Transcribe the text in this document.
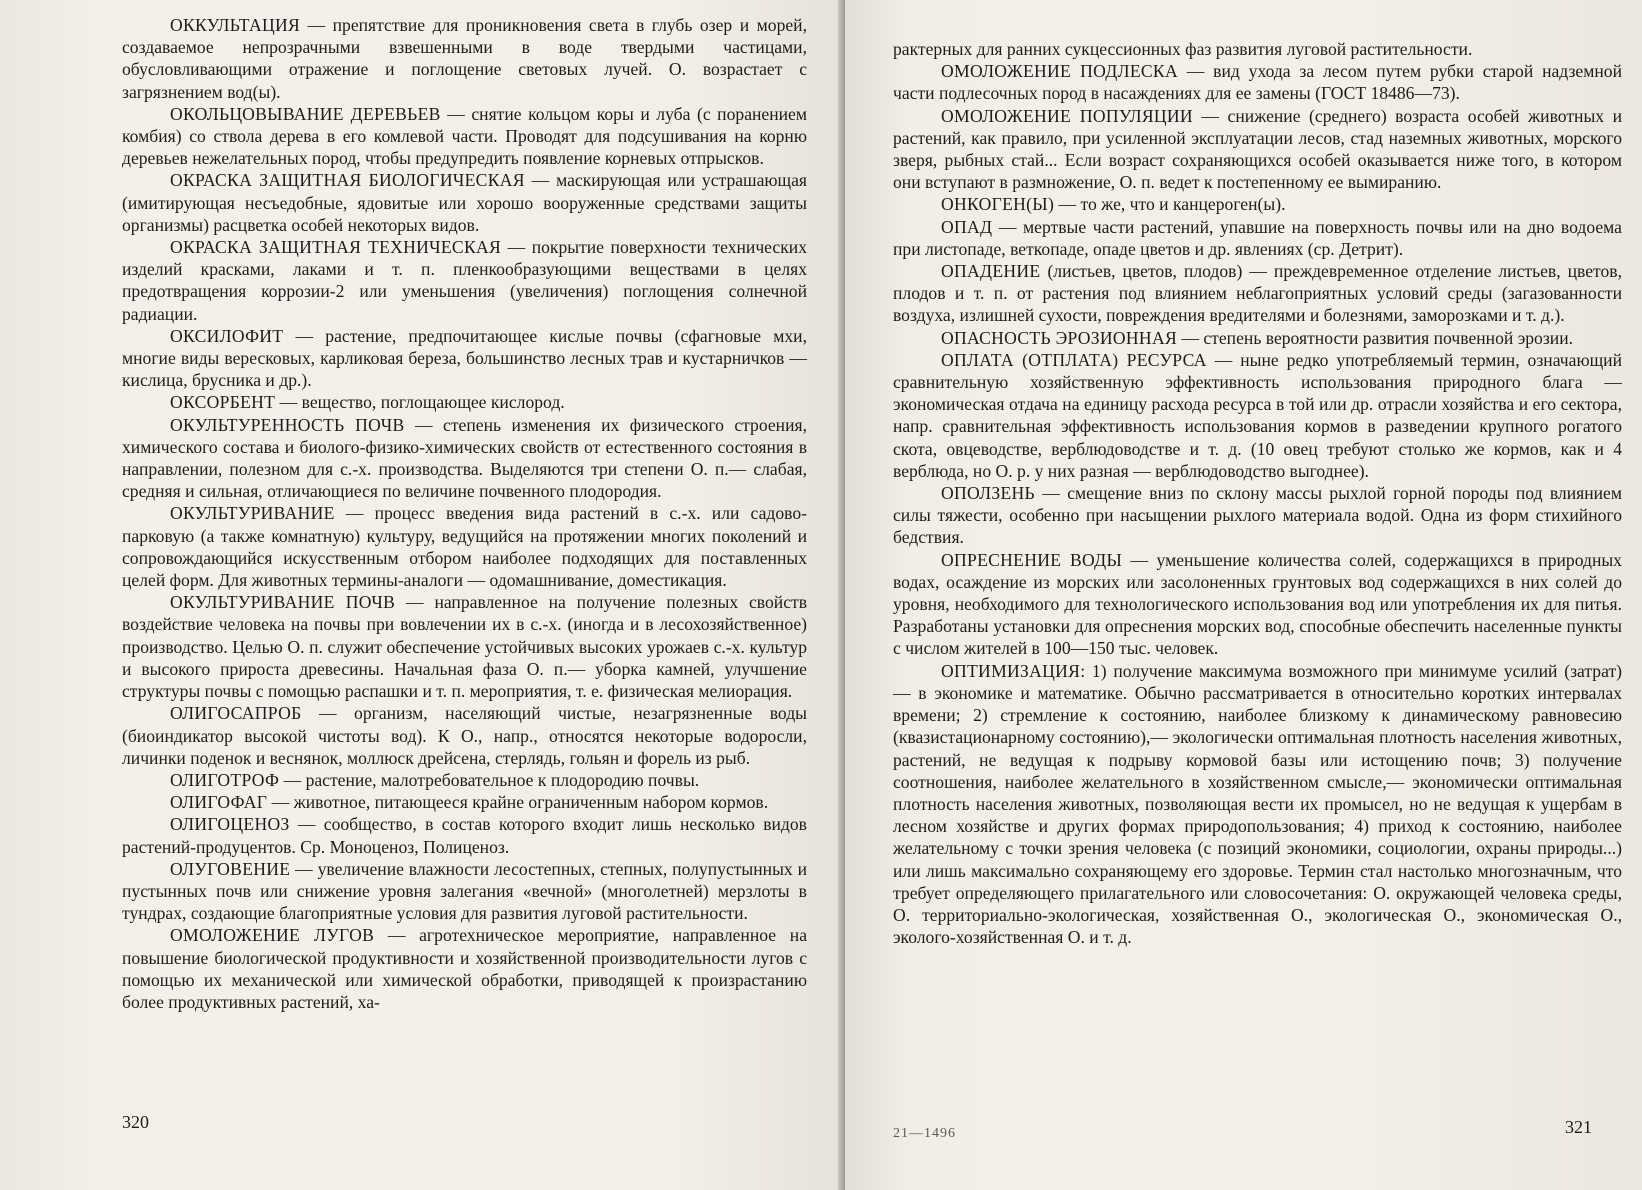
ОККУЛЬТАЦИЯ — препятствие для проникновения света в глубь озер и морей, создаваемое непрозрачными взвешенными в воде твердыми частицами, обусловливающими отражение и поглощение световых лучей. О. возрастает с загрязнением вод(ы).

ОКОЛЬЦОВЫВАНИЕ ДЕРЕВЬЕВ — снятие кольцом коры и луба (с поранением комбия) со ствола дерева в его комлевой части. Проводят для подсушивания на корню деревьев нежелательных пород, чтобы предупредить появление корневых отпрысков.

ОКРАСКА ЗАЩИТНАЯ БИОЛОГИЧЕСКАЯ — маскирующая или устрашающая (имитирующая несъедобные, ядовитые или хорошо вооруженные средствами защиты организмы) расцветка особей некоторых видов.

ОКРАСКА ЗАЩИТНАЯ ТЕХНИЧЕСКАЯ — покрытие поверхности технических изделий красками, лаками и т. п. пленкообразующими веществами в целях предотвращения коррозии-2 или уменьшения (увеличения) поглощения солнечной радиации.

ОКСИЛОФИТ — растение, предпочитающее кислые почвы (сфагновые мхи, многие виды вересковых, карликовая береза, большинство лесных трав и кустарничков — кислица, брусника и др.).

ОКСОРБЕНТ — вещество, поглощающее кислород.

ОКУЛЬТУРЕННОСТЬ ПОЧВ — степень изменения их физического строения, химического состава и биолого-физико-химических свойств от естественного состояния в направлении, полезном для с.-х. производства. Выделяются три степени О. п.— слабая, средняя и сильная, отличающиеся по величине почвенного плодородия.

ОКУЛЬТУРИВАНИЕ — процесс введения вида растений в с.-х. или садово-парковую (а также комнатную) культуру, ведущийся на протяжении многих поколений и сопровождающийся искусственным отбором наиболее подходящих для поставленных целей форм. Для животных термины-аналоги — одомашнивание, доместикация.

ОКУЛЬТУРИВАНИЕ ПОЧВ — направленное на получение полезных свойств воздействие человека на почвы при вовлечении их в с.-х. (иногда и в лесохозяйственное) производство. Целью О. п. служит обеспечение устойчивых высоких урожаев с.-х. культур и высокого прироста древесины. Начальная фаза О. п.— уборка камней, улучшение структуры почвы с помощью распашки и т. п. мероприятия, т. е. физическая мелиорация.

ОЛИГОСАПРОБ — организм, населяющий чистые, незагрязненные воды (биоиндикатор высокой чистоты вод). К О., напр., относятся некоторые водоросли, личинки поденок и веснянок, моллюск дрейсена, стерлядь, гольян и форель из рыб.

ОЛИГОТРОФ — растение, малотребовательное к плодородию почвы.

ОЛИГОФАГ — животное, питающееся крайне ограниченным набором кормов.

ОЛИГОЦЕНОЗ — сообщество, в состав которого входит лишь несколько видов растений-продуцентов. Ср. Моноценоз, Полиценоз.

ОЛУГОВЕНИЕ — увеличение влажности лесостепных, степных, полупустынных и пустынных почв или снижение уровня залегания «вечной» (многолетней) мерзлоты в тундрах, создающие благоприятные условия для развития луговой растительности.

ОМОЛОЖЕНИЕ ЛУГОВ — агротехническое мероприятие, направленное на повышение биологической продуктивности и хозяйственной производительности лугов с помощью их механической или химической обработки, приводящей к произрастанию более продуктивных растений, ха-

320

рактерных для ранних сукцессионных фаз развития луговой растительности.

ОМОЛОЖЕНИЕ ПОДЛЕСКА — вид ухода за лесом путем рубки старой надземной части подлесочных пород в насаждениях для ее замены (ГОСТ 18486—73).

ОМОЛОЖЕНИЕ ПОПУЛЯЦИИ — снижение (среднего) возраста особей животных и растений, как правило, при усиленной эксплуатации лесов, стад наземных животных, морского зверя, рыбных стай... Если возраст сохраняющихся особей оказывается ниже того, в котором они вступают в размножение, О. п. ведет к постепенному ее вымиранию.

ОНКОГЕН(Ы) — то же, что и канцероген(ы).

ОПАД — мертвые части растений, упавшие на поверхность почвы или на дно водоема при листопаде, веткопаде, опаде цветов и др. явлениях (ср. Детрит).

ОПАДЕНИЕ (листьев, цветов, плодов) — преждевременное отделение листьев, цветов, плодов и т. п. от растения под влиянием неблагоприятных условий среды (загазованности воздуха, излишней сухости, повреждения вредителями и болезнями, заморозками и т. д.).

ОПАСНОСТЬ ЭРОЗИОННАЯ — степень вероятности развития почвенной эрозии.

ОПЛАТА (ОТПЛАТА) РЕСУРСА — ныне редко употребляемый термин, означающий сравнительную хозяйственную эффективность использования природного блага — экономическая отдача на единицу расхода ресурса в той или др. отрасли хозяйства и его сектора, напр. сравнительная эффективность использования кормов в разведении крупного рогатого скота, овцеводстве, верблюдоводстве и т. д. (10 овец требуют столько же кормов, как и 4 верблюда, но О. р. у них разная — верблюдоводство выгоднее).

ОПОЛЗЕНЬ — смещение вниз по склону массы рыхлой горной породы под влиянием силы тяжести, особенно при насыщении рыхлого материала водой. Одна из форм стихийного бедствия.

ОПРЕСНЕНИЕ ВОДЫ — уменьшение количества солей, содержащихся в природных водах, осаждение из морских или засолоненных грунтовых вод содержащихся в них солей до уровня, необходимого для технологического использования вод или употребления их для питья. Разработаны установки для опреснения морских вод, способные обеспечить населенные пункты с числом жителей в 100—150 тыс. человек.

ОПТИМИЗАЦИЯ: 1) получение максимума возможного при минимуме усилий (затрат) — в экономике и математике. Обычно рассматривается в относительно коротких интервалах времени; 2) стремление к состоянию, наиболее близкому к динамическому равновесию (квазистационарному состоянию),— экологически оптимальная плотность населения животных, растений, не ведущая к подрыву кормовой базы или истощению почв; 3) получение соотношения, наиболее желательного в хозяйственном смысле,— экономически оптимальная плотность населения животных, позволяющая вести их промысел, но не ведущая к ущербам в лесном хозяйстве и других формах природопользования; 4) приход к состоянию, наиболее желательному с точки зрения человека (с позиций экономики, социологии, охраны природы...) или лишь максимально сохраняющему его здоровье. Термин стал настолько многозначным, что требует определяющего прилагательного или словосочетания: О. окружающей человека среды, О. территориально-экологическая, хозяйственная О., экологическая О., экономическая О., эколого-хозяйственная О. и т. д.

21—1496	321
